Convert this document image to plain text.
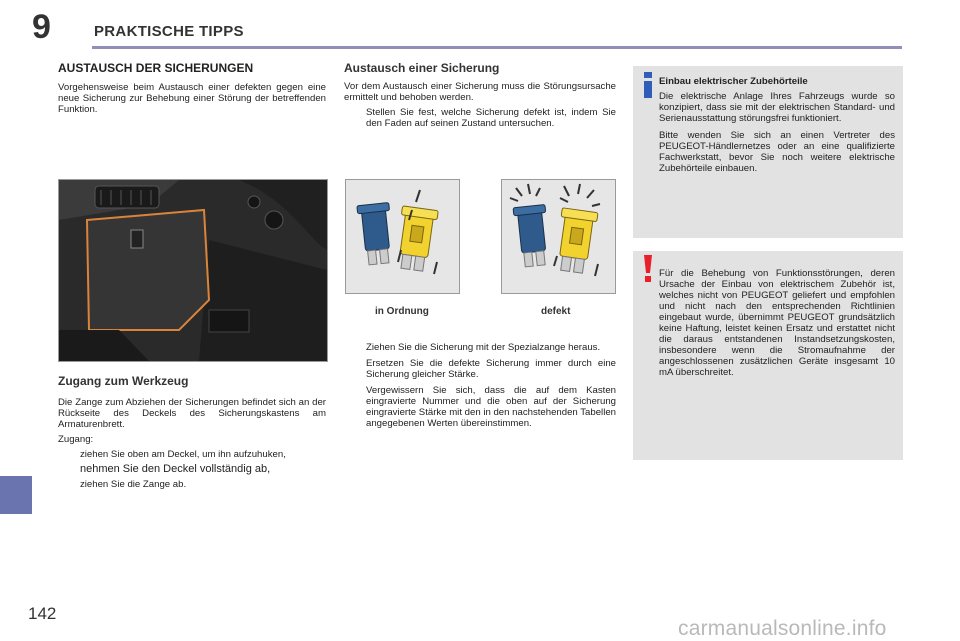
9	PRAKTISCHE TIPPS
AUSTAUSCH DER SICHERUNGEN

Vorgehensweise beim Austausch einer defekten gegen eine neue Sicherung zur Behebung einer Störung der betreffenden Funktion.

Zugang zum Werkzeug

Die Zange zum Abziehen der Sicherungen befindet sich an der Rückseite des Deckels des Sicherungskastens am Armaturenbrett.

Zugang:

ziehen Sie oben am Deckel, um ihn aufzuhuken,
nehmen Sie den Deckel vollständig ab,
ziehen Sie die Zange ab.
Austausch einer Sicherung

Vor dem Austausch einer Sicherung muss die Störungsursache ermittelt und behoben werden.

Stellen Sie fest, welche Sicherung defekt ist, indem Sie den Faden auf seinen Zustand untersuchen.
in Ordnung	defekt
Ziehen Sie die Sicherung mit der Spezialzange heraus.
Ersetzen Sie die defekte Sicherung immer durch eine Sicherung gleicher Stärke.
Vergewissern Sie sich, dass die auf dem Kasten eingravierte Nummer und die oben auf der Sicherung eingravierte Stärke mit den in den nachstehenden Tabellen angegebenen Werten übereinstimmen.

Einbau elektrischer Zubehörteile

Die elektrische Anlage Ihres Fahrzeugs wurde so konzipiert, dass sie mit der elektrischen Standard- und Serienausstattung störungsfrei funktioniert.

Bitte wenden Sie sich an einen Vertreter des PEUGEOT-Händlernetzes oder an eine qualifizierte Fachwerkstatt, bevor Sie noch weitere elektrische Zubehörteile einbauen.

Für die Behebung von Funktionsstörungen, deren Ursache der Einbau von elektrischem Zubehör ist, welches nicht von PEUGEOT geliefert und empfohlen und nicht nach den entsprechenden Richtlinien eingebaut wurde, übernimmt PEUGEOT grundsätzlich keine Haftung, leistet keinen Ersatz und erstattet nicht die daraus entstandenen Instandsetzungskosten, insbesondere wenn die Stromaufnahme der angeschlossenen zusätzlichen Geräte insgesamt 10 mA überschreitet.

142
carmanualsonline.info
